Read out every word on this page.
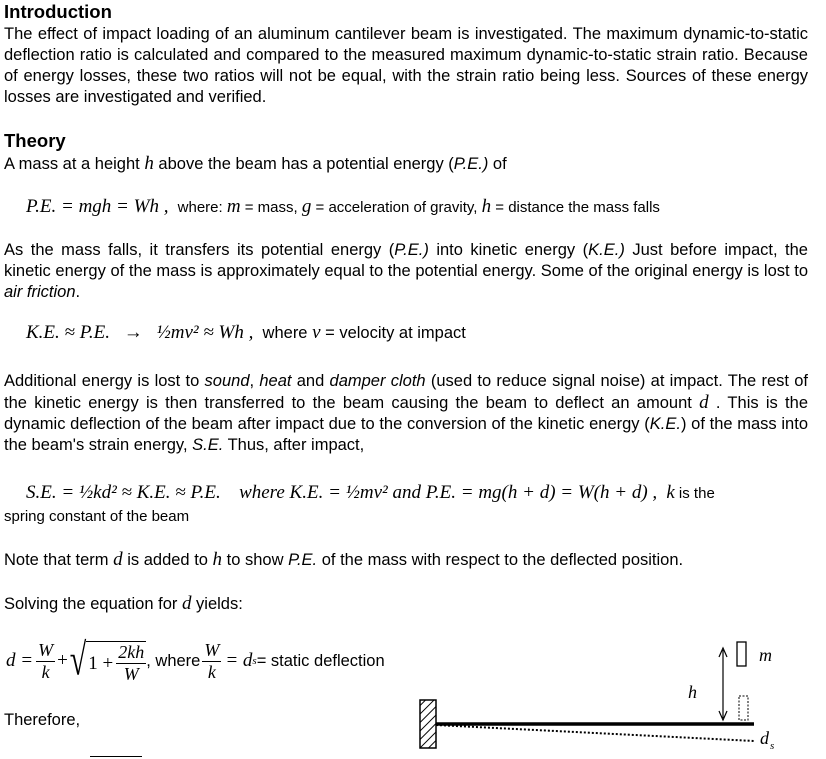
Introduction
The effect of impact loading of an aluminum cantilever beam is investigated. The maximum dynamic-to-static deflection ratio is calculated and compared to the measured maximum dynamic-to-static strain ratio. Because of energy losses, these two ratios will not be equal, with the strain ratio being less. Sources of these energy losses are investigated and verified.
Theory
A mass at a height h above the beam has a potential energy (P.E.) of
P.E. = mgh = Wh , where: m = mass, g = acceleration of gravity, h = distance the mass falls
As the mass falls, it transfers its potential energy (P.E.) into kinetic energy (K.E.) Just before impact, the kinetic energy of the mass is approximately equal to the potential energy. Some of the original energy is lost to air friction.
K.E. ≈ P.E. → ½mv² ≈ Wh , where v = velocity at impact
Additional energy is lost to sound, heat and damper cloth (used to reduce signal noise) at impact. The rest of the kinetic energy is then transferred to the beam causing the beam to deflect an amount d . This is the dynamic deflection of the beam after impact due to the conversion of the kinetic energy (K.E.) of the mass into the beam's strain energy, S.E. Thus, after impact,
S.E. = ½kd² ≈ K.E. ≈ P.E. where K.E. = ½mv² and P.E. = mg(h + d) = W(h + d) , k is the
spring constant of the beam
Note that term d is added to h to show P.E. of the mass with respect to the deflected position.
Solving the equation for d yields:
$d = \frac{W}{k}$ + √ $1 + \frac{2kh}{W}$ , where $\frac{W}{k} = d$ s = static deflection
Therefore,
m
h
d s
